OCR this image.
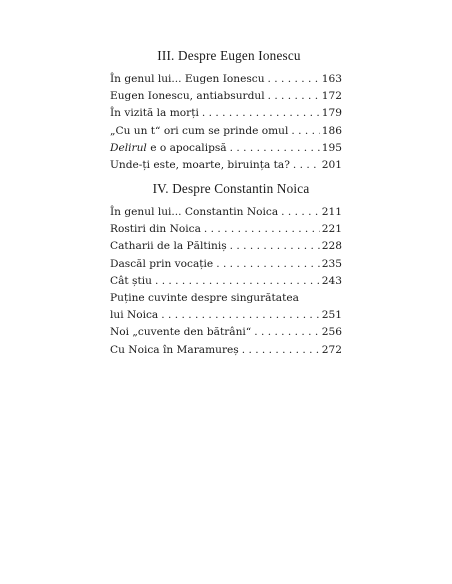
III. Despre Eugen Ionescu
În genul lui... Eugen Ionescu . . .	163
Eugen Ionescu, antiabsurdul . . .	172
În vizită la morți . . .	179
„Cu un t“ ori cum se prinde omul . . .	186
Delirul e o apocalipsă . . .	195
Unde-ți este, moarte, biruința ta? . . .	201
IV. Despre Constantin Noica
În genul lui... Constantin Noica . . .	211
Rostiri din Noica . . .	221
Catharii de la Păltiniș . . .	228
Dascăl prin vocație . . .	235
Cât știu . . .	243
Puține cuvinte despre singurătatea
lui Noica . . .	251
Noi „cuvente den bătrâni“ . . .	256
Cu Noica în Maramureș . . .	272
